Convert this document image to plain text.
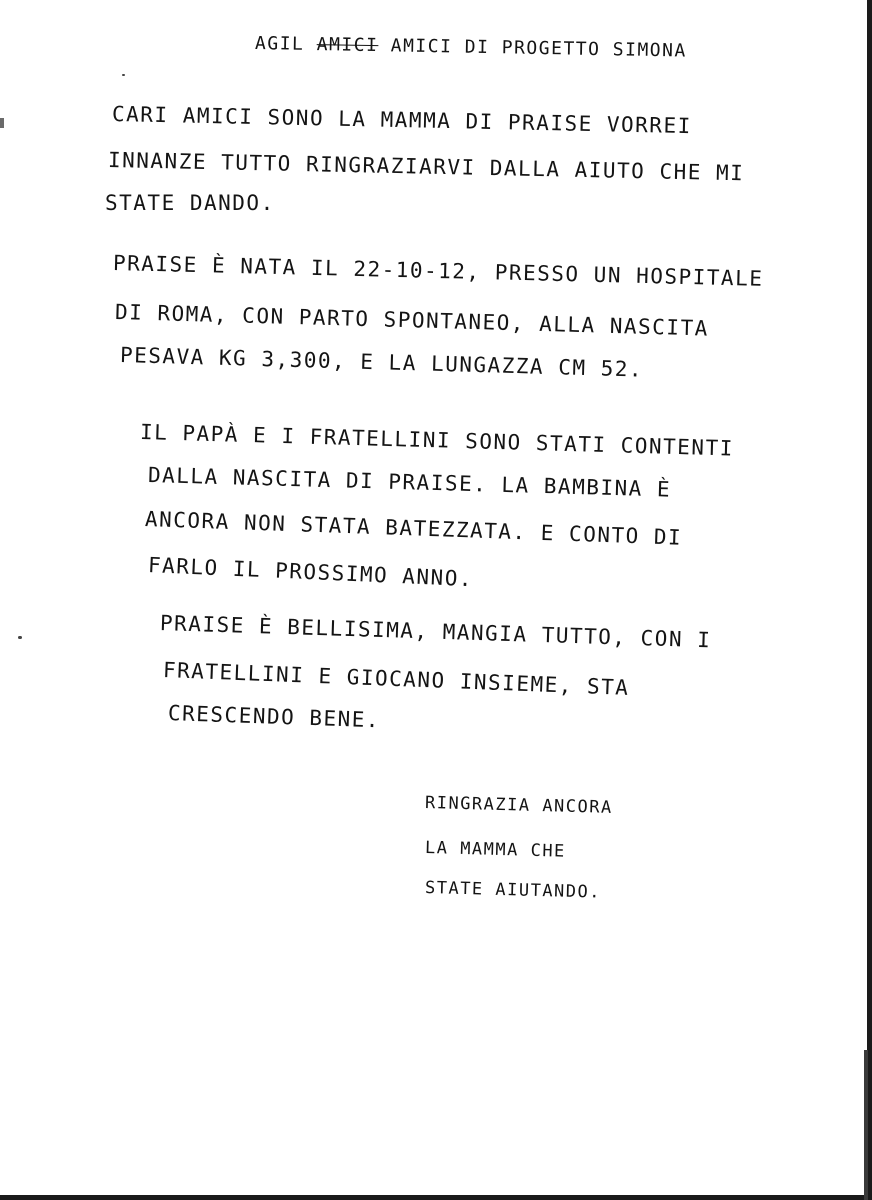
AGIL AMICI AMICI DI PROGETTO SIMONA
CARI AMICI SONO LA MAMMA DI PRAISE VORREI
INNANZE TUTTO RINGRAZIARVI DALLA AIUTO CHE MI
STATE DANDO.
PRAISE È NATA IL 22-10-12, PRESSO UN HOSPITALE
DI ROMA, CON PARTO SPONTANEO, ALLA NASCITA
PESAVA KG 3,300, E LA LUNGAZZA CM 52.
IL PAPÀ E I FRATELLINI SONO STATI CONTENTI
DALLA NASCITA DI PRAISE. LA BAMBINA È
ANCORA NON STATA BATEZZATA. E CONTO DI
FARLO IL PROSSIMO ANNO.
PRAISE È BELLISIMA, MANGIA TUTTO, CON I
FRATELLINI E GIOCANO INSIEME, STA
CRESCENDO BENE.
RINGRAZIA ANCORA
LA MAMMA CHE
STATE AIUTANDO.
